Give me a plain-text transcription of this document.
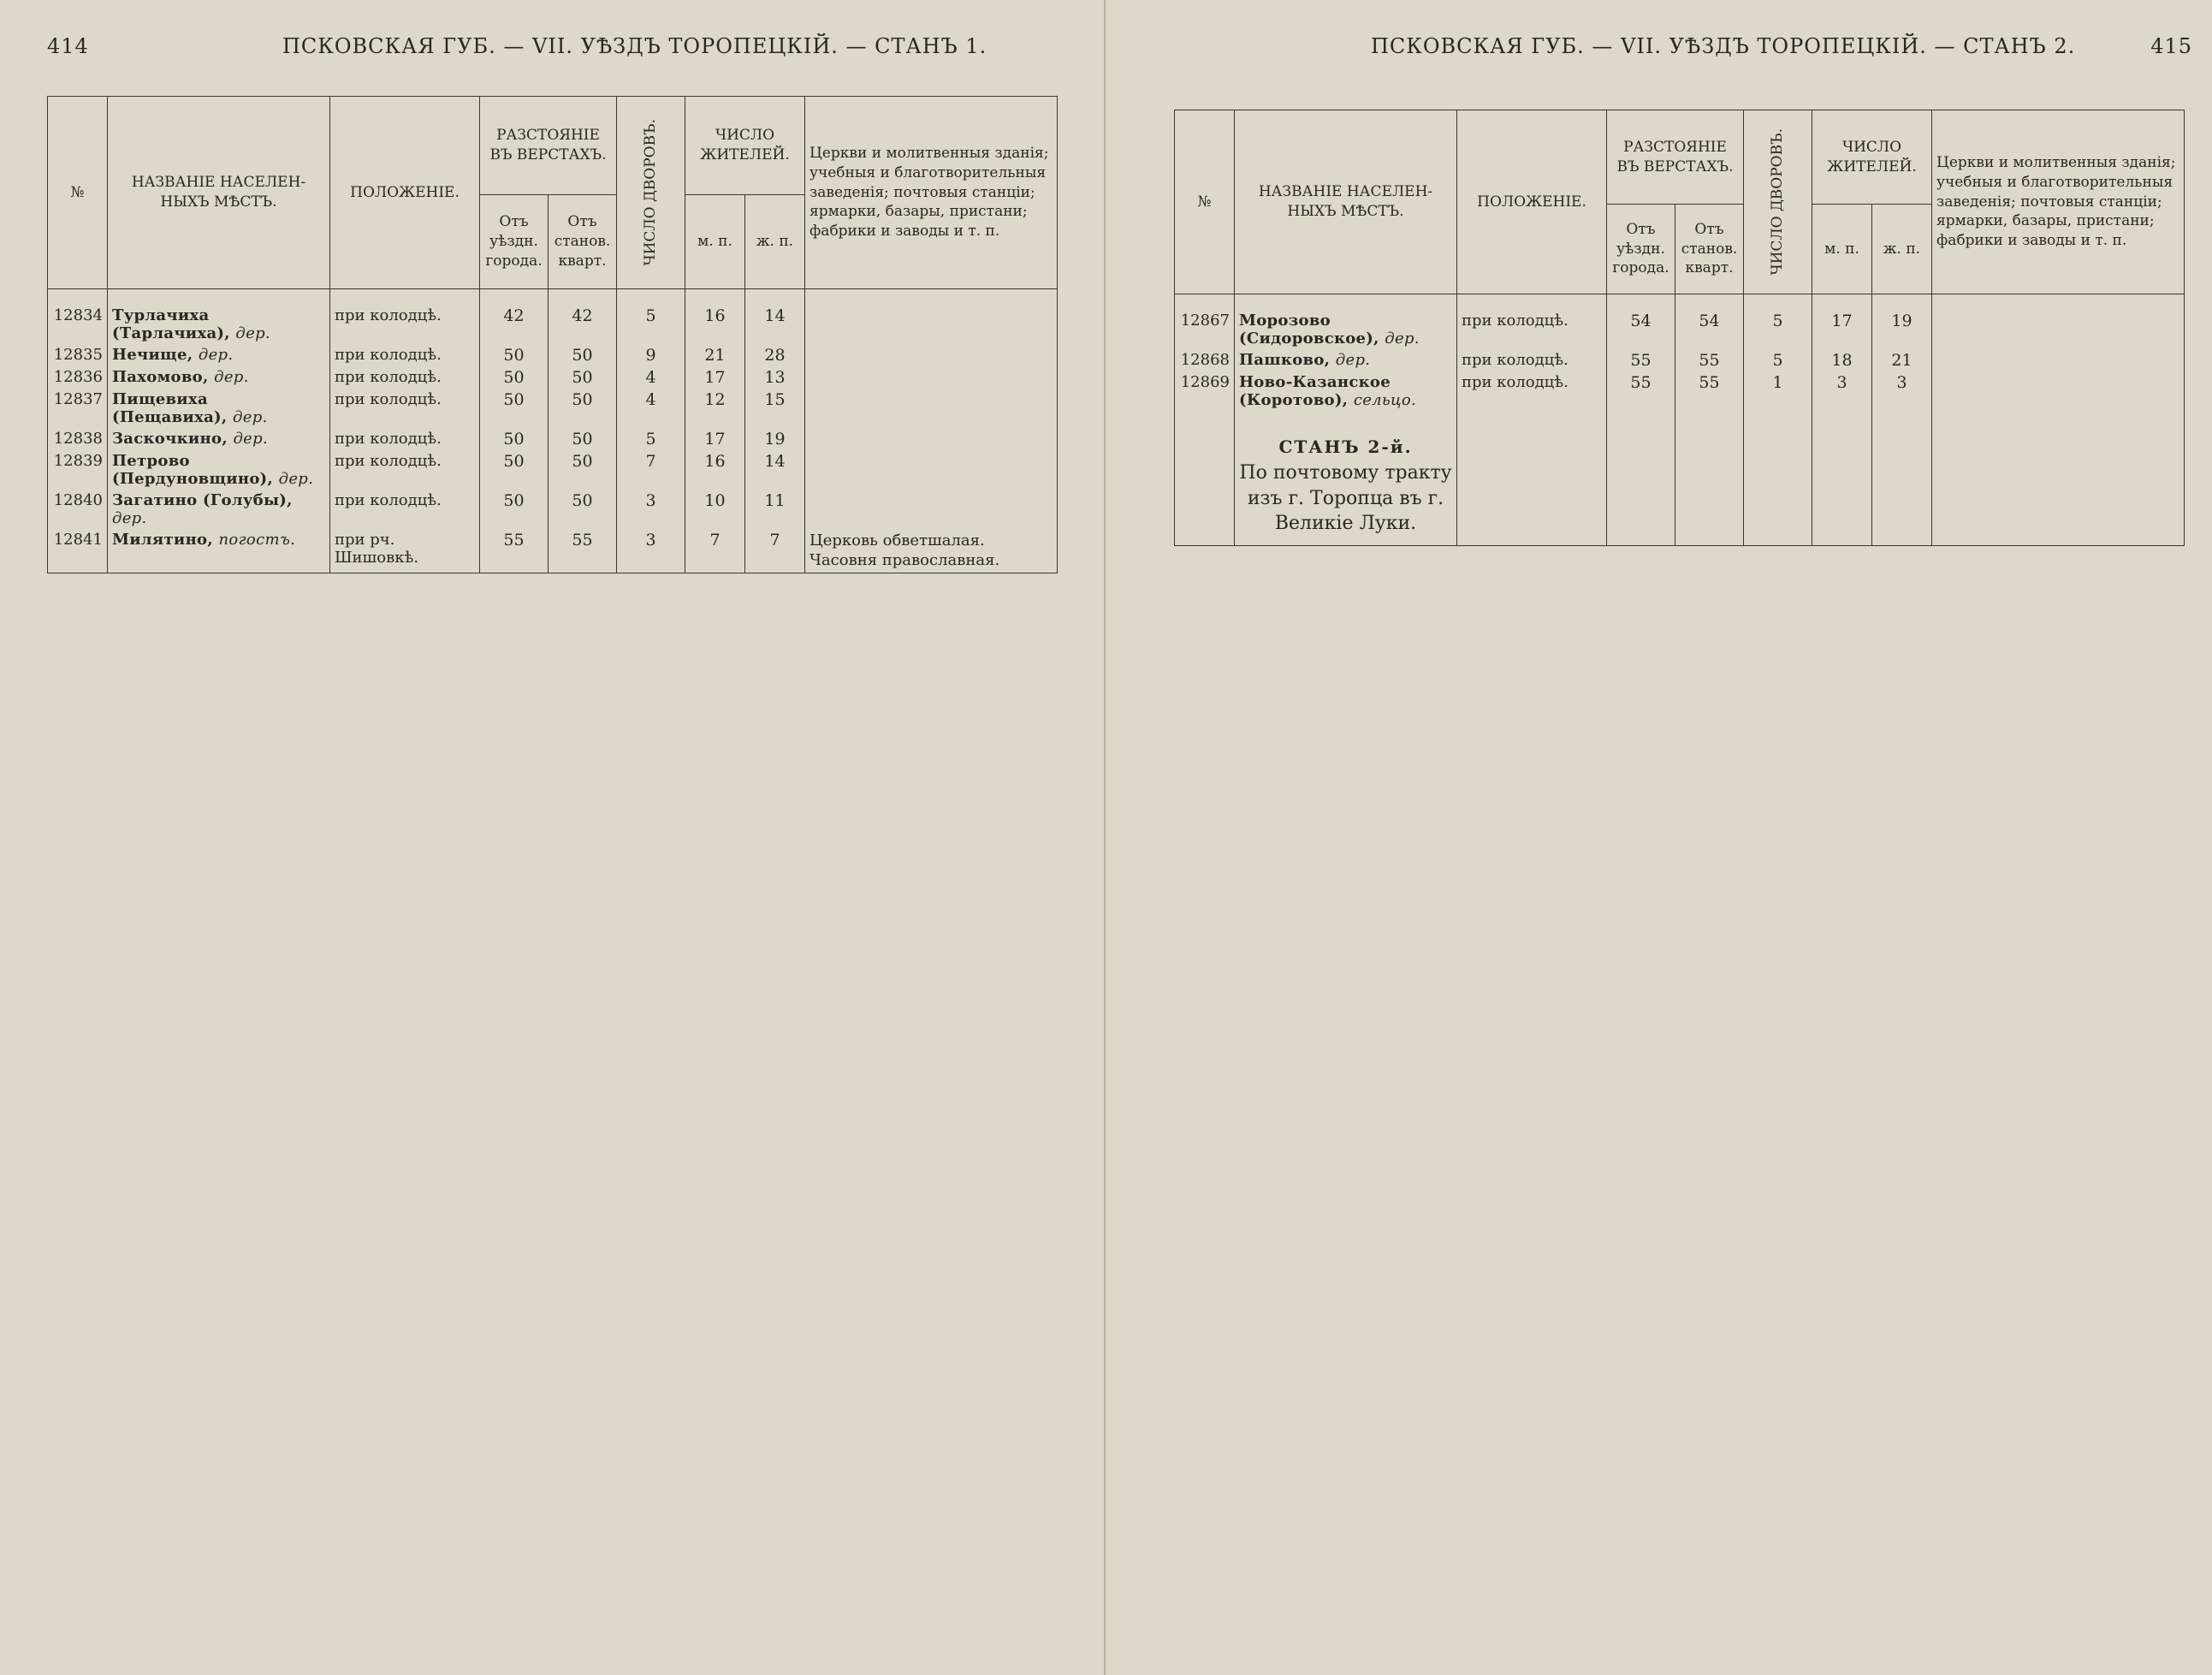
414	ПСКОВСКАЯ ГУБ. — VII. УѢЗДЪ ТОРОПЕЦКІЙ. — СТАНЪ 1.
№	НАЗВАНІЕ НАСЕЛЕН-НЫХЪ МѢСТЪ.	ПОЛОЖЕНІЕ.	РАЗСТОЯНІЕ ВЪ ВЕРСТАХЪ.		ЧИСЛО ДВОРОВЪ.	ЧИСЛО ЖИТЕЛЕЙ.		Церкви и молитвенныя зданія; учебныя и благотворительныя заведенія; почтовыя станціи; ярмарки, базары, пристани; фабрики и заводы и т. п.
			Отъ уѣздн. города.	Отъ станов. кварт.		м. п.	ж. п.	

12834	Турлачиха (Тарлачиха), дер.	при колодцѣ.	42	42	5	16	14	
12835	Нечище, дер.	при колодцѣ.	50	50	9	21	28	
12836	Пахомово, дер.	при колодцѣ.	50	50	4	17	13	
12837	Пищевиха (Пещавиха), дер.	при колодцѣ.	50	50	4	12	15	
12838	Заскочкино, дер.	при колодцѣ.	50	50	5	17	19	
12839	Петрово (Пердуновщино), дер.	при колодцѣ.	50	50	7	16	14	
12840	Загатино (Голубы), дер.	при колодцѣ.	50	50	3	10	11	
12841	Милятино, погостъ.	при рч. Шишовкѣ.	55	55	3	7	7	Церковь обветшалая. Часовня православная.
ПСКОВСКАЯ ГУБ. — VII. УѢЗДЪ ТОРОПЕЦКІЙ. — СТАНЪ 2.	415
№	НАЗВАНІЕ НАСЕЛЕН-НЫХЪ МѢСТЪ.	ПОЛОЖЕНІЕ.	РАЗСТОЯНІЕ ВЪ ВЕРСТАХЪ.		ЧИСЛО ДВОРОВЪ.	ЧИСЛО ЖИТЕЛЕЙ.		Церкви и молитвенныя зданія; учебныя и благотворительныя заведенія; почтовыя станціи; ярмарки, базары, пристани; фабрики и заводы и т. п.
			Отъ уѣздн. города.	Отъ станов. кварт.		м. п.	ж. п.	

12867	Морозово (Сидоровское), дер.	при колодцѣ.	54	54	5	17	19	
12868	Пашково, дер.	при колодцѣ.	55	55	5	18	21	
12869	Ново-Казанское (Коротово), сельцо.	при колодцѣ.	55	55	1	3	3	
	СТАНЪ 2-й.							
	По почтовому тракту изъ г. Торопца въ г. Великіе Луки.							
